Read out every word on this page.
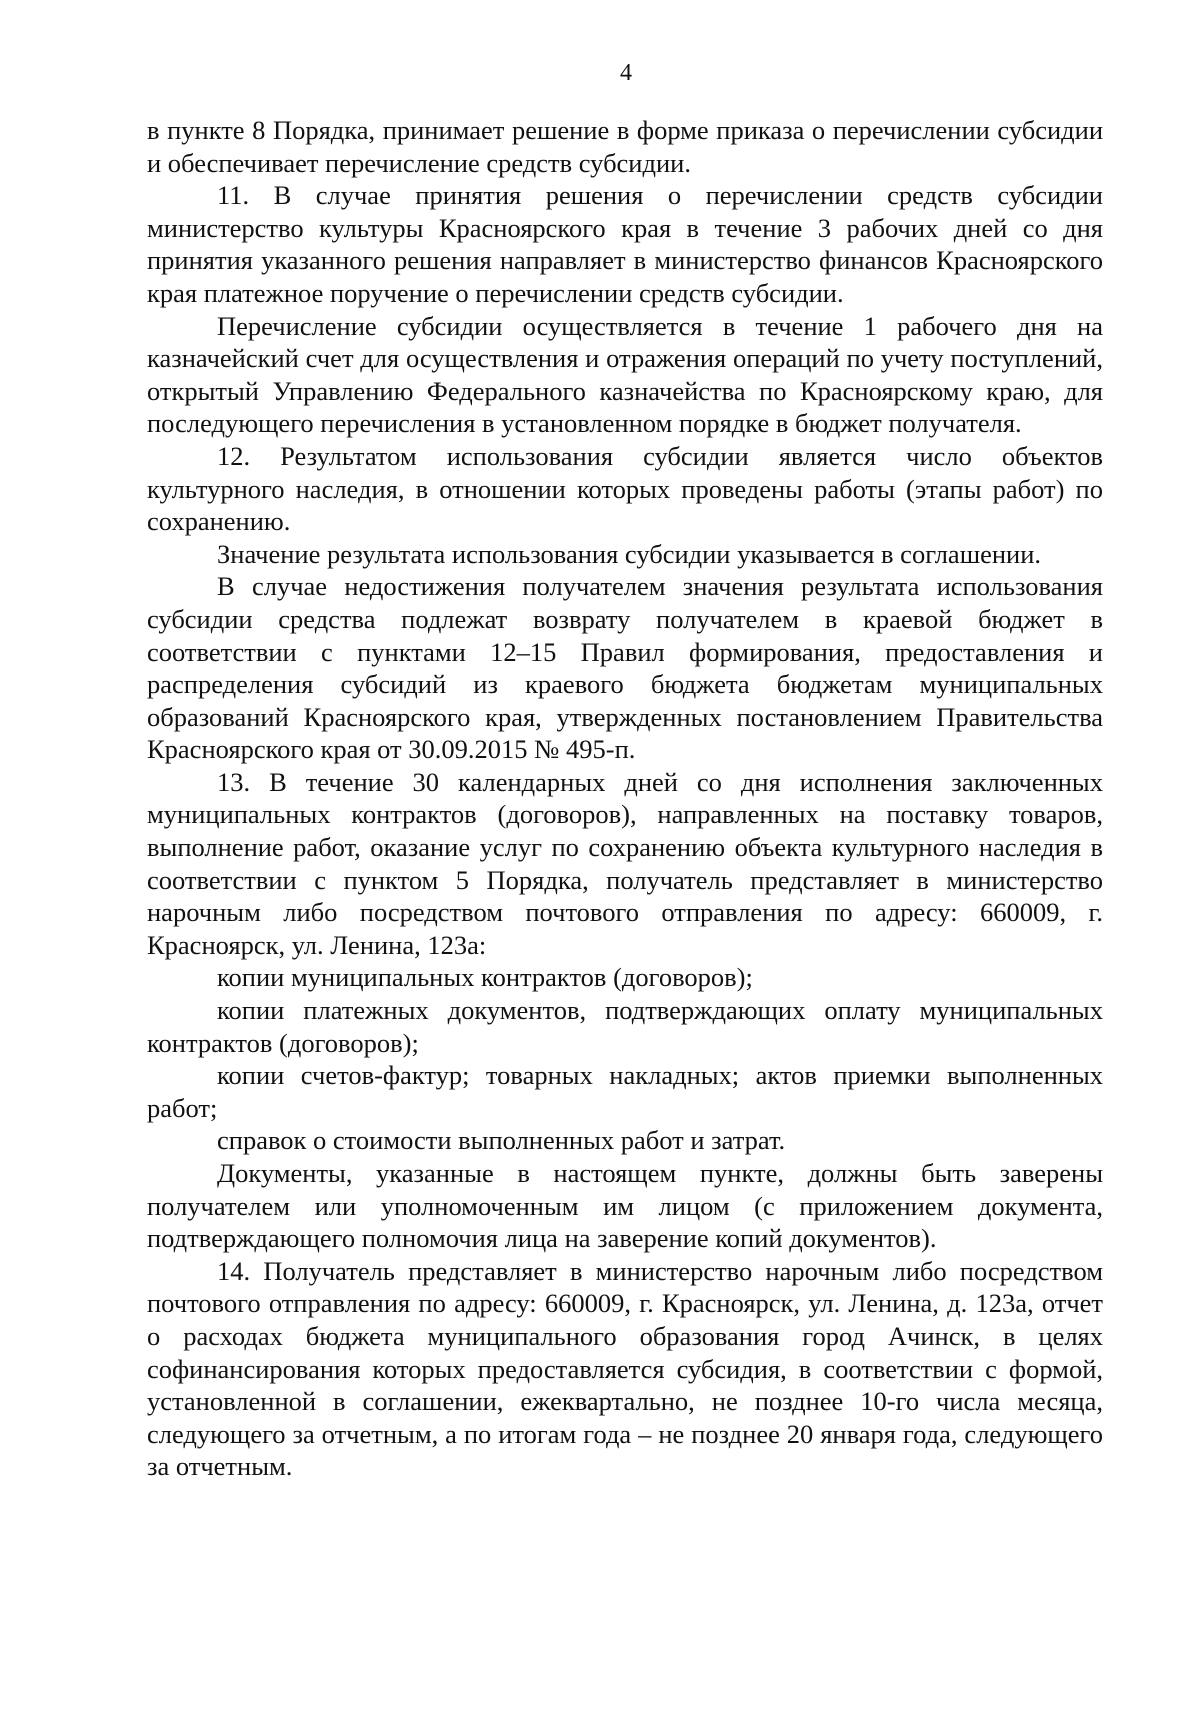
4

в пункте 8 Порядка, принимает решение в форме приказа о перечислении субсидии и обеспечивает перечисление средств субсидии.

11. В случае принятия решения о перечислении средств субсидии министерство культуры Красноярского края в течение 3 рабочих дней со дня принятия указанного решения направляет в министерство финансов Красноярского края платежное поручение о перечислении средств субсидии.

Перечисление субсидии осуществляется в течение 1 рабочего дня на казначейский счет для осуществления и отражения операций по учету поступлений, открытый Управлению Федерального казначейства по Красноярскому краю, для последующего перечисления в установленном порядке в бюджет получателя.

12. Результатом использования субсидии является число объектов культурного наследия, в отношении которых проведены работы (этапы работ) по сохранению.

Значение результата использования субсидии указывается в соглашении.

В случае недостижения получателем значения результата использования субсидии средства подлежат возврату получателем в краевой бюджет в соответствии с пунктами 12–15 Правил формирования, предоставления и распределения субсидий из краевого бюджета бюджетам муниципальных образований Красноярского края, утвержденных постановлением Правительства Красноярского края от 30.09.2015 № 495-п.

13. В течение 30 календарных дней со дня исполнения заключенных муниципальных контрактов (договоров), направленных на поставку товаров, выполнение работ, оказание услуг по сохранению объекта культурного наследия в соответствии с пунктом 5 Порядка, получатель представляет в министерство нарочным либо посредством почтового отправления по адресу: 660009, г. Красноярск, ул. Ленина, 123а:

копии муниципальных контрактов (договоров);

копии платежных документов, подтверждающих оплату муниципальных контрактов (договоров);

копии счетов-фактур; товарных накладных; актов приемки выполненных работ;

справок о стоимости выполненных работ и затрат.

Документы, указанные в настоящем пункте, должны быть заверены получателем или уполномоченным им лицом (с приложением документа, подтверждающего полномочия лица на заверение копий документов).

14. Получатель представляет в министерство нарочным либо посредством почтового отправления по адресу: 660009, г. Красноярск, ул. Ленина, д. 123а, отчет о расходах бюджета муниципального образования город Ачинск, в целях софинансирования которых предоставляется субсидия, в соответствии с формой, установленной в соглашении, ежеквартально, не позднее 10-го числа месяца, следующего за отчетным, а по итогам года – не позднее 20 января года, следующего за отчетным.
